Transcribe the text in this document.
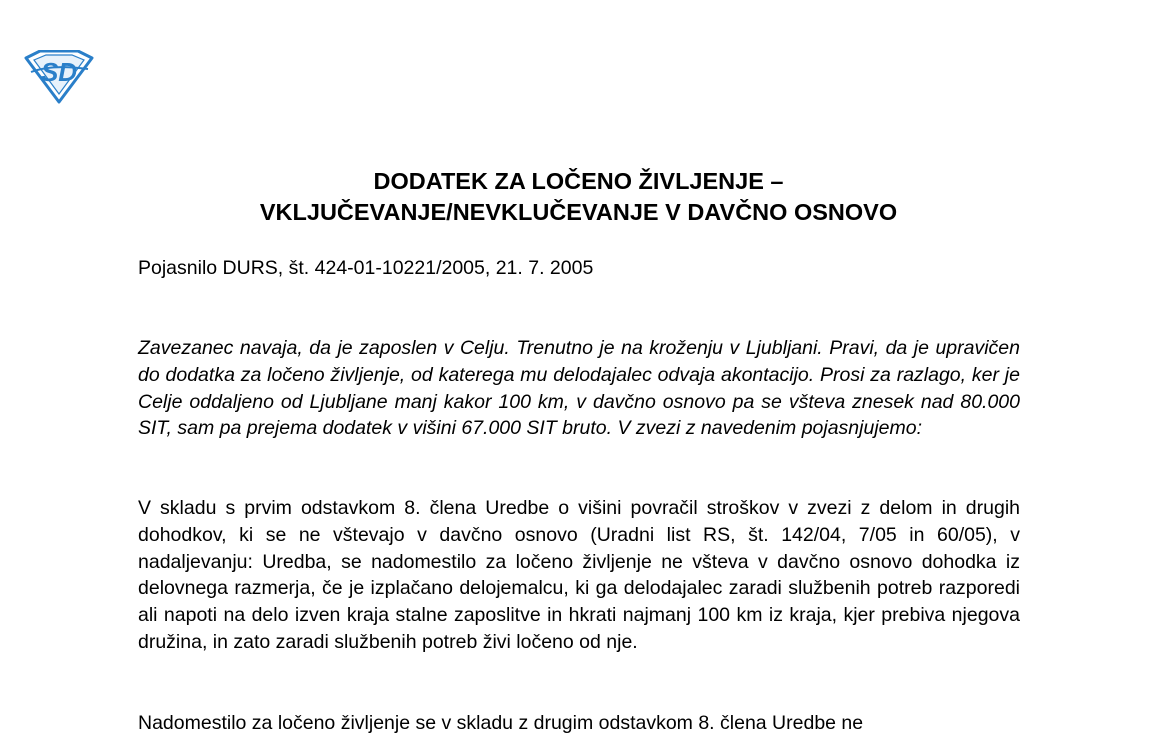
SD
DODATEK ZA LOČENO ŽIVLJENJE –
VKLJUČEVANJE/NEVKLUČEVANJE V DAVČNO OSNOVO

Pojasnilo DURS, št. 424-01-10221/2005, 21. 7. 2005

Zavezanec navaja, da je zaposlen v Celju. Trenutno je na kroženju v Ljubljani. Pravi, da je upravičen do dodatka za ločeno življenje, od katerega mu delodajalec odvaja akontacijo. Prosi za razlago, ker je Celje oddaljeno od Ljubljane manj kakor 100 km, v davčno osnovo pa se všteva znesek nad 80.000 SIT, sam pa prejema dodatek v višini 67.000 SIT bruto. V zvezi z navedenim pojasnjujemo:

V skladu s prvim odstavkom 8. člena Uredbe o višini povračil stroškov v zvezi z delom in drugih dohodkov, ki se ne vštevajo v davčno osnovo (Uradni list RS, št. 142/04, 7/05 in 60/05), v nadaljevanju: Uredba, se nadomestilo za ločeno življenje ne všteva v davčno osnovo dohodka iz delovnega razmerja, če je izplačano delojemalcu, ki ga delodajalec zaradi službenih potreb razporedi ali napoti na delo izven kraja stalne zaposlitve in hkrati najmanj 100 km iz kraja, kjer prebiva njegova družina, in zato zaradi službenih potreb živi ločeno od nje.

Nadomestilo za ločeno življenje se v skladu z drugim odstavkom 8. člena Uredbe ne
